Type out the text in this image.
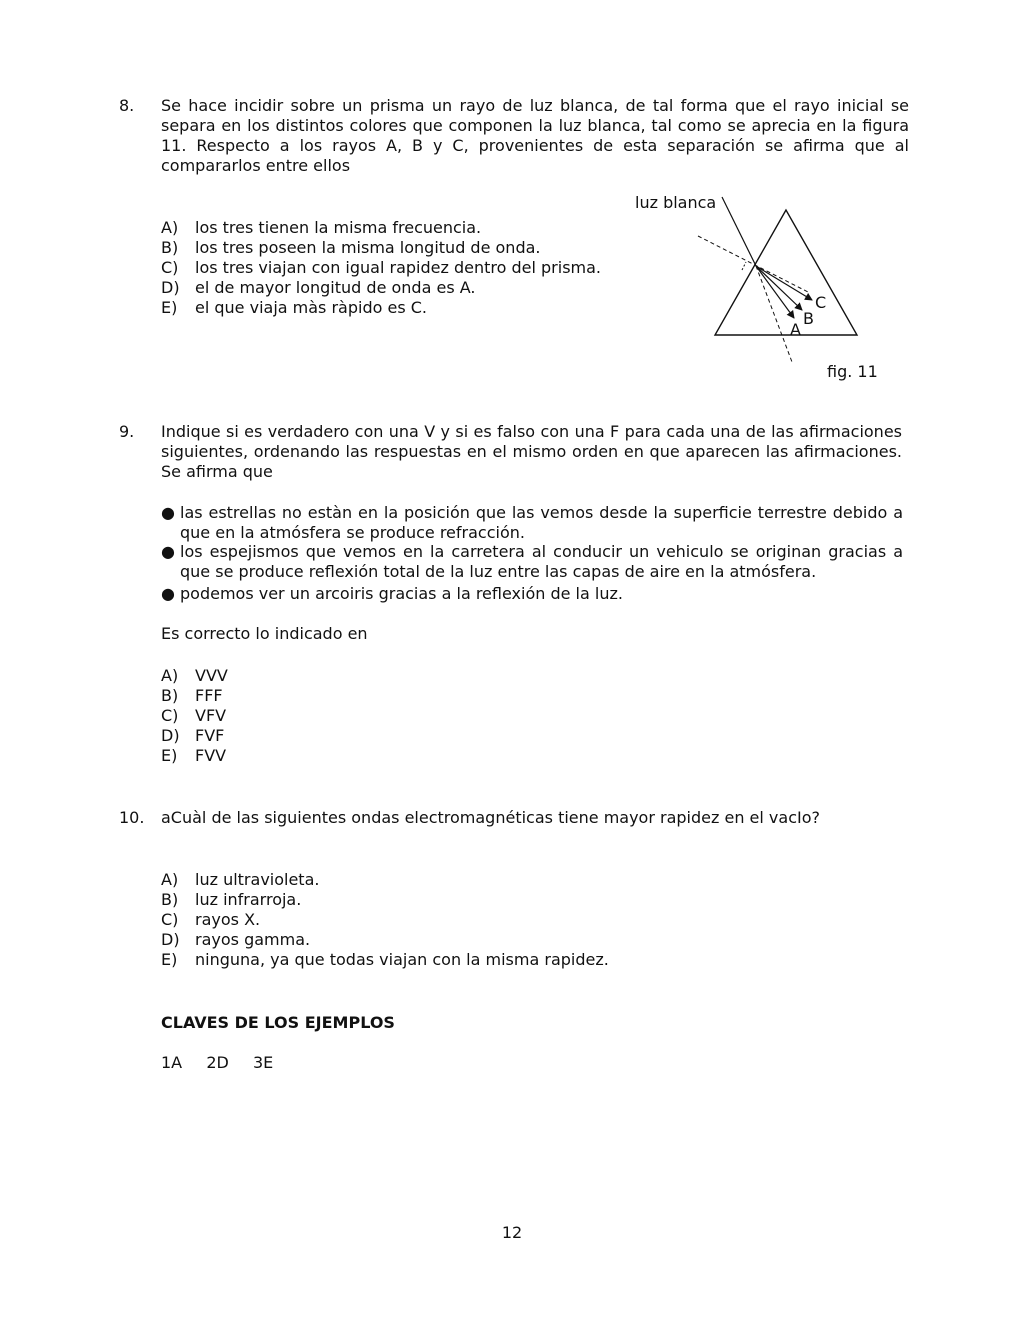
8. Se hace incidir sobre un prisma un rayo de luz blanca, de tal forma que el rayo inicial se separa en los distintos colores que componen la luz blanca, tal como se aprecia en la figura 11. Respecto a los rayos A, B y C, provenientes de esta separación se afirma que al compararlos entre ellos
A) los tres tienen la misma frecuencia.
B) los tres poseen la misma longitud de onda.
C) los tres viajan con igual rapidez dentro del prisma.
D) el de mayor longitud de onda es A.
E) el que viaja màs ràpido es C.
luz blanca
C
B
A
fig. 11
9. Indique si es verdadero con una V y si es falso con una F para cada una de las afirmaciones siguientes, ordenando las respuestas en el mismo orden en que aparecen las afirmaciones. Se afirma que
● las estrellas no estàn en la posición que las vemos desde la superficie terrestre debido a que en la atmósfera se produce refracción.
● los espejismos que vemos en la carretera al conducir un vehiculo se originan gracias a que se produce reflexión total de la luz entre las capas de aire en la atmósfera.
● podemos ver un arcoiris gracias a la reflexión de la luz.
Es correcto lo indicado en
A) VVV
B) FFF
C) VFV
D) FVF
E) FVV
10. aCuàl de las siguientes ondas electromagnéticas tiene mayor rapidez en el vacIo?
A) luz ultravioleta.
B) luz infrarroja.
C) rayos X.
D) rayos gamma.
E) ninguna, ya que todas viajan con la misma rapidez.
CLAVES DE LOS EJEMPLOS
1A 2D 3E
12
